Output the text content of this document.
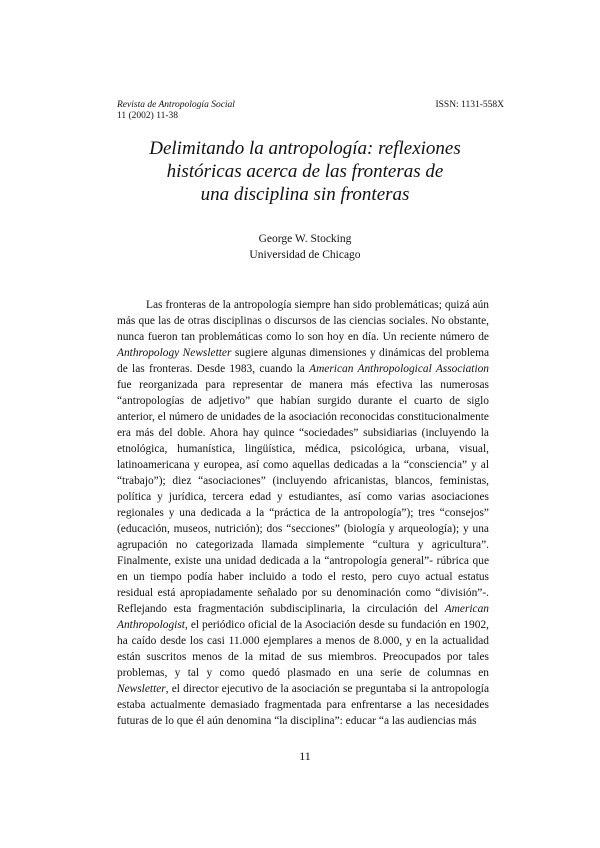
Revista de Antropología Social
11 (2002) 11-38
ISSN: 1131-558X
Delimitando la antropología: reflexiones
históricas acerca de las fronteras de
una disciplina sin fronteras
George W. Stocking
Universidad de Chicago

Las fronteras de la antropología siempre han sido problemáticas; quizá aún más que las de otras disciplinas o discursos de las ciencias sociales. No obstante, nunca fueron tan problemáticas como lo son hoy en día. Un reciente número de Anthropology Newsletter sugiere algunas dimensiones y dinámicas del problema de las fronteras. Desde 1983, cuando la American Anthropological Association fue reorganizada para representar de manera más efectiva las numerosas “antropologías de adjetivo” que habían surgido durante el cuarto de siglo anterior, el número de unidades de la asociación reconocidas constitucionalmente era más del doble. Ahora hay quince “sociedades” subsidiarias (incluyendo la etnológica, humanística, lingüística, médica, psicológica, urbana, visual, latinoamericana y europea, así como aquellas dedicadas a la “consciencia” y al “trabajo”); diez “asociaciones” (incluyendo africanistas, blancos, feministas, política y jurídica, tercera edad y estudiantes, así como varias asociaciones regionales y una dedicada a la “práctica de la antropología”); tres “consejos” (educación, museos, nutrición); dos “secciones” (biología y arqueología); y una agrupación no categorizada llamada simplemente “cultura y agricultura”. Finalmente, existe una unidad dedicada a la “antropología general”- rúbrica que en un tiempo podía haber incluido a todo el resto, pero cuyo actual estatus residual está apropiadamente señalado por su denominación como “división”-. Reflejando esta fragmentación subdisciplinaria, la circulación del American Anthropologist, el periódico oficial de la Asociación desde su fundación en 1902, ha caído desde los casi 11.000 ejemplares a menos de 8.000, y en la actualidad están suscritos menos de la mitad de sus miembros. Preocupados por tales problemas, y tal y como quedó plasmado en una serie de columnas en Newsletter, el director ejecutivo de la asociación se preguntaba si la antropología estaba actualmente demasiado fragmentada para enfrentarse a las necesidades futuras de lo que él aún denomina “la disciplina”: educar “a las audiencias más

11
